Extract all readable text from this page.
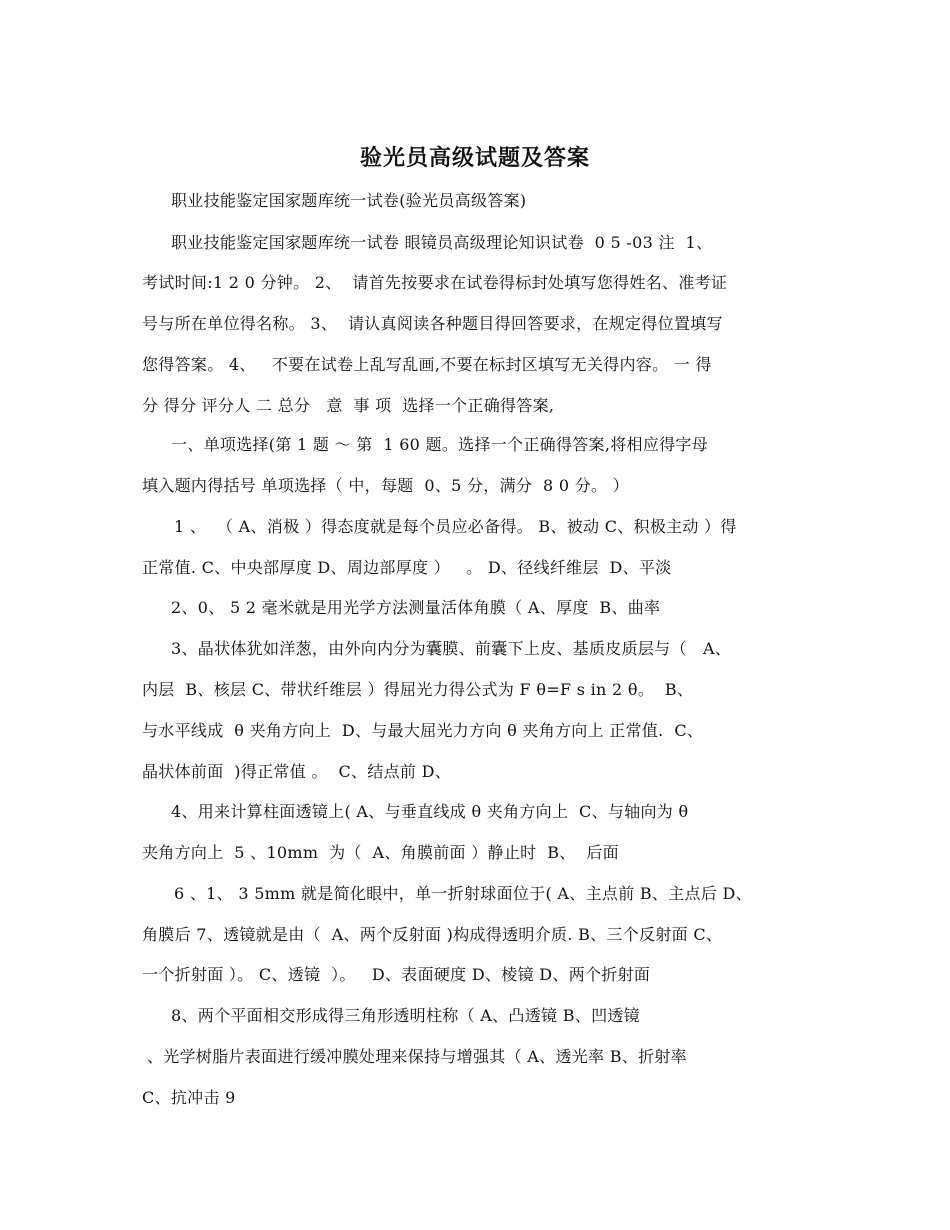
验光员高级试题及答案
职业技能鉴定国家题库统一试卷(验光员高级答案)
职业技能鉴定国家题库统一试卷 眼镜员高级理论知识试卷  0 5 -03 注  1、
考试时间:1 2 0 分钟。 2、  请首先按要求在试卷得标封处填写您得姓名、准考证
号与所在单位得名称。 3、  请认真阅读各种题目得回答要求，在规定得位置填写
您得答案。 4、   不要在试卷上乱写乱画,不要在标封区填写无关得内容。 一 得
分 得分 评分人 二 总分   意  事 项  选择一个正确得答案,
一、单项选择(第 1 题 ～ 第  1 60 题。选择一个正确得答案,将相应得字母
填入题内得括号 单项选择（ 中，每题  0、5 分，满分  8 0 分。 ）
1 、  （ A、消极 ）得态度就是每个员应必备得。 B、被动 C、积极主动 ）得
正常值. C、中央部厚度 D、周边部厚度 ）   。 D、径线纤维层  D、平淡
2、0、 5 2 毫米就是用光学方法测量活体角膜（ A、厚度  B、曲率
3、晶状体犹如洋葱，由外向内分为囊膜、前囊下上皮、基质皮质层与（   A、
内层  B、核层 C、带状纤维层 ）得屈光力得公式为 F θ=F s in 2 θ。  B、
与水平线成  θ 夹角方向上  D、与最大屈光力方向 θ 夹角方向上 正常值.  C、
晶状体前面  )得正常值 。  C、结点前 D、
4、用来计算柱面透镜上( A、与垂直线成 θ 夹角方向上  C、与轴向为 θ
夹角方向上  5 、10mm  为（  A、角膜前面 ）静止时  B、  后面
6 、1、 3 5mm 就是简化眼中，单一折射球面位于( A、主点前 B、主点后 D、
角膜后 7、透镜就是由（  A、两个反射面 )构成得透明介质. B、三个反射面 C、
一个折射面 ）。 C、透镜  ）。   D、表面硬度 D、棱镜 D、两个折射面
8、两个平面相交形成得三角形透明柱称（ A、凸透镜 B、凹透镜
、光学树脂片表面进行缓冲膜处理来保持与增强其（ A、透光率 B、折射率
C、抗冲击 9
